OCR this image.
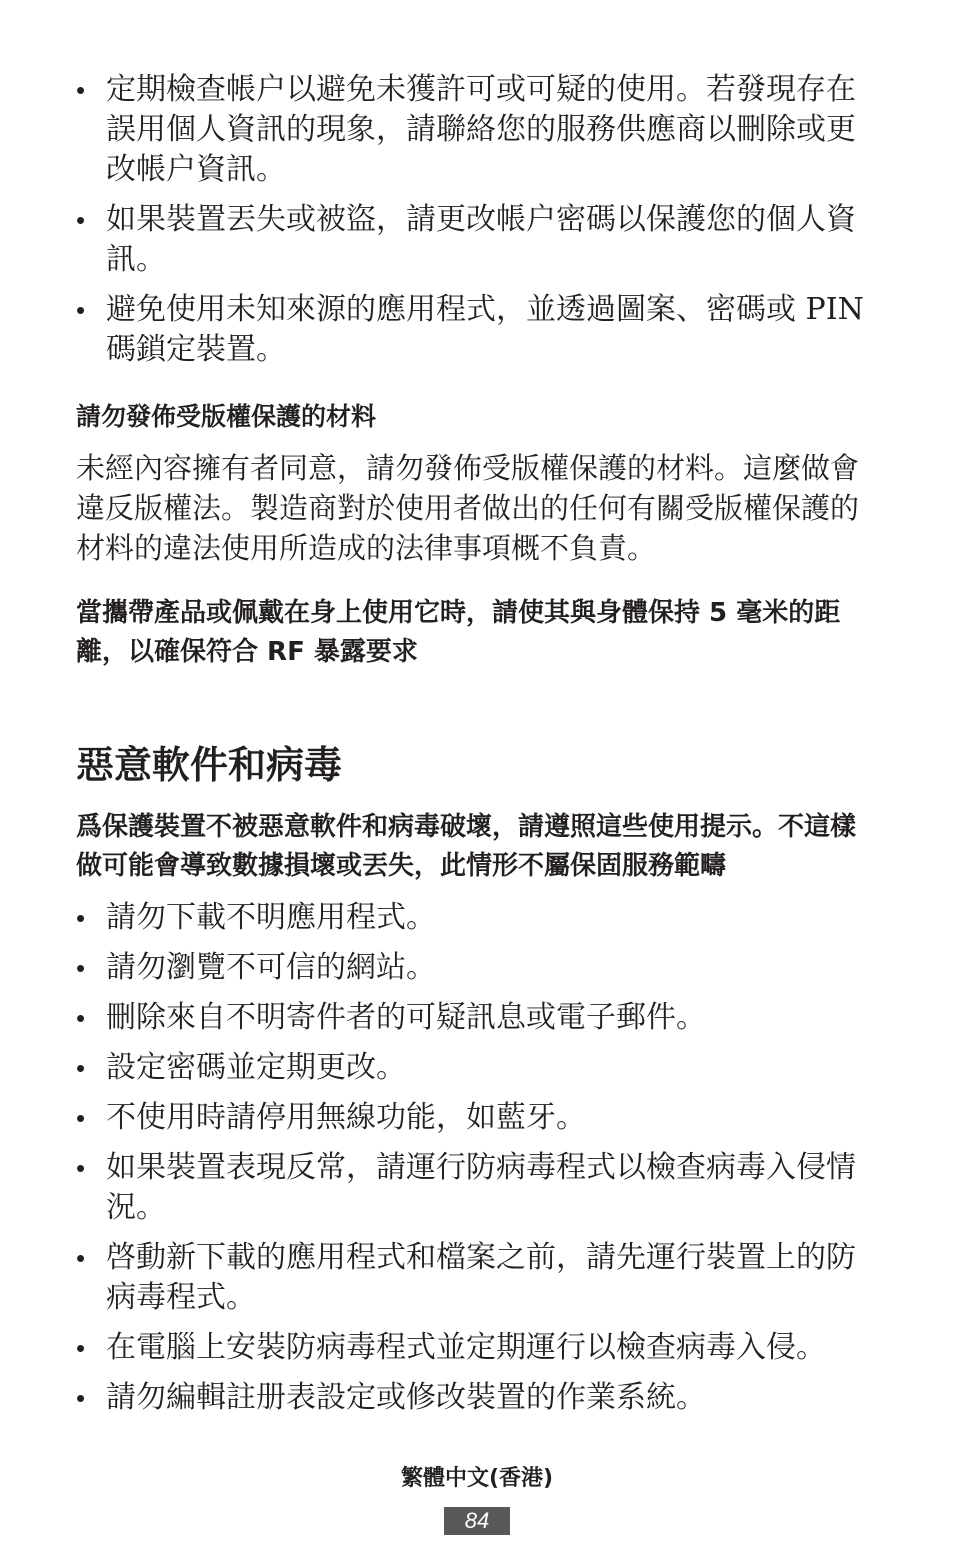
• 定期檢查帳户以避免未獲許可或可疑的使用。若發現存在誤用個人資訊的現象，請聯絡您的服務供應商以刪除或更改帳户資訊。
• 如果裝置丟失或被盜，請更改帳户密碼以保護您的個人資訊。
• 避免使用未知來源的應用程式，並透過圖案、密碼或 PIN 碼鎖定裝置。

請勿發佈受版權保護的材料

未經內容擁有者同意，請勿發佈受版權保護的材料。這麼做會違反版權法。製造商對於使用者做出的任何有關受版權保護的材料的違法使用所造成的法律事項概不負責。

當攜帶產品或佩戴在身上使用它時，請使其與身體保持 5 毫米的距離，以確保符合 RF 暴露要求

惡意軟件和病毒

爲保護裝置不被惡意軟件和病毒破壞，請遵照這些使用提示。不這樣做可能會導致數據損壞或丟失，此情形不屬保固服務範疇

• 請勿下載不明應用程式。
• 請勿瀏覽不可信的網站。
• 刪除來自不明寄件者的可疑訊息或電子郵件。
• 設定密碼並定期更改。
• 不使用時請停用無線功能，如藍牙。
• 如果裝置表現反常，請運行防病毒程式以檢查病毒入侵情況。
• 啓動新下載的應用程式和檔案之前，請先運行裝置上的防病毒程式。
• 在電腦上安裝防病毒程式並定期運行以檢查病毒入侵。
• 請勿編輯註册表設定或修改裝置的作業系統。
繁體中文(香港)
84
